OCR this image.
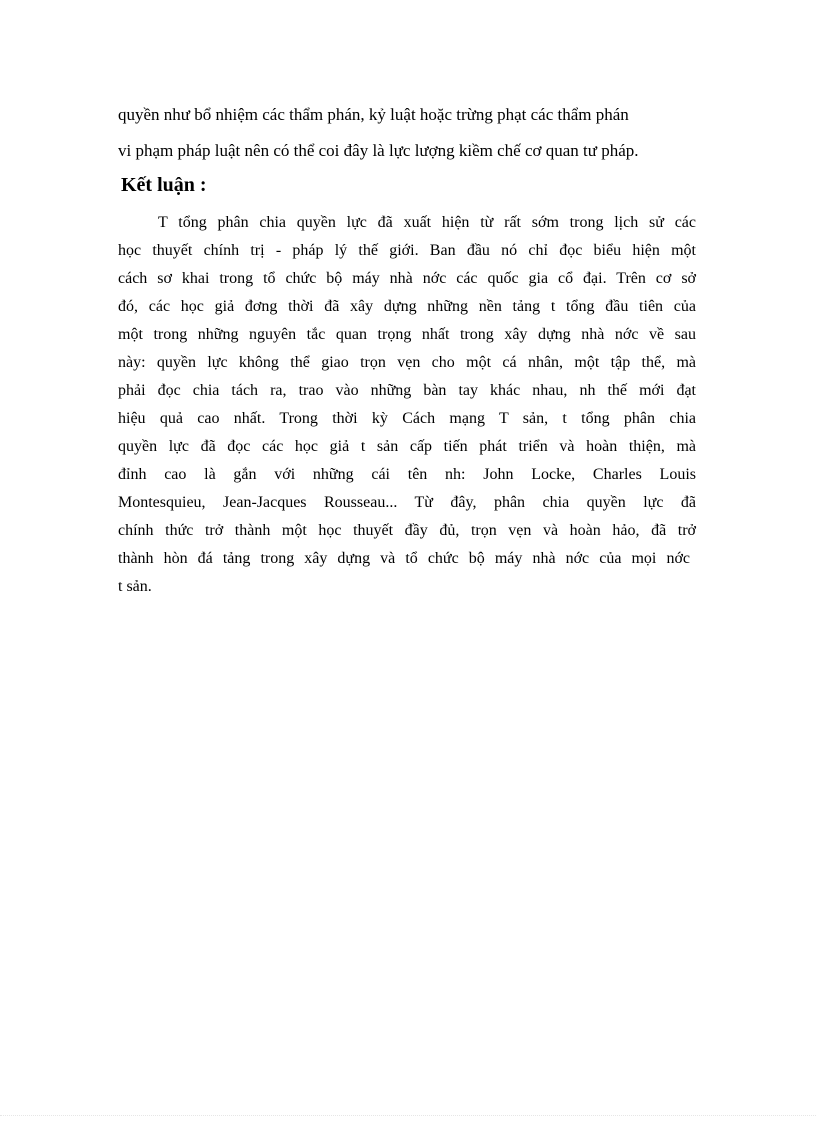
quyền như bổ nhiệm các thẩm phán, kỷ luật hoặc trừng phạt các thẩm phán
vi phạm pháp luật nên có thể coi đây là lực lượng kiềm chế cơ quan tư pháp.
Kết luận :
T tổng phân chia quyền lực đã xuất hiện từ rất sớm trong lịch sử các
học thuyết chính trị - pháp lý thế giới. Ban đầu nó chỉ đọc biểu hiện một
cách sơ khai trong tổ chức bộ máy nhà nớc các quốc gia cổ đại. Trên cơ sở
đó, các học giả đơng thời đã xây dựng những nền tảng t tổng đầu tiên của
một trong những nguyên tắc quan trọng nhất trong xây dựng nhà nớc về sau
này: quyền lực không thể giao trọn vẹn cho một cá nhân, một tập thể, mà
phải đọc chia tách ra, trao vào những bàn tay khác nhau, nh thế mới đạt
hiệu quả cao nhất. Trong thời kỳ Cách mạng T sản, t tổng phân chia
quyền lực đã đọc các học giả t sản cấp tiến phát triển và hoàn thiện, mà
đỉnh cao là gắn với những cái tên nh: John Locke, Charles Louis
Montesquieu, Jean-Jacques Rousseau... Từ đây, phân chia quyền lực đã
chính thức trở thành một học thuyết đầy đủ, trọn vẹn và hoàn hảo, đã trở
thành hòn đá tảng trong xây dựng và tổ chức bộ máy nhà nớc của mọi nớc
t sản.
